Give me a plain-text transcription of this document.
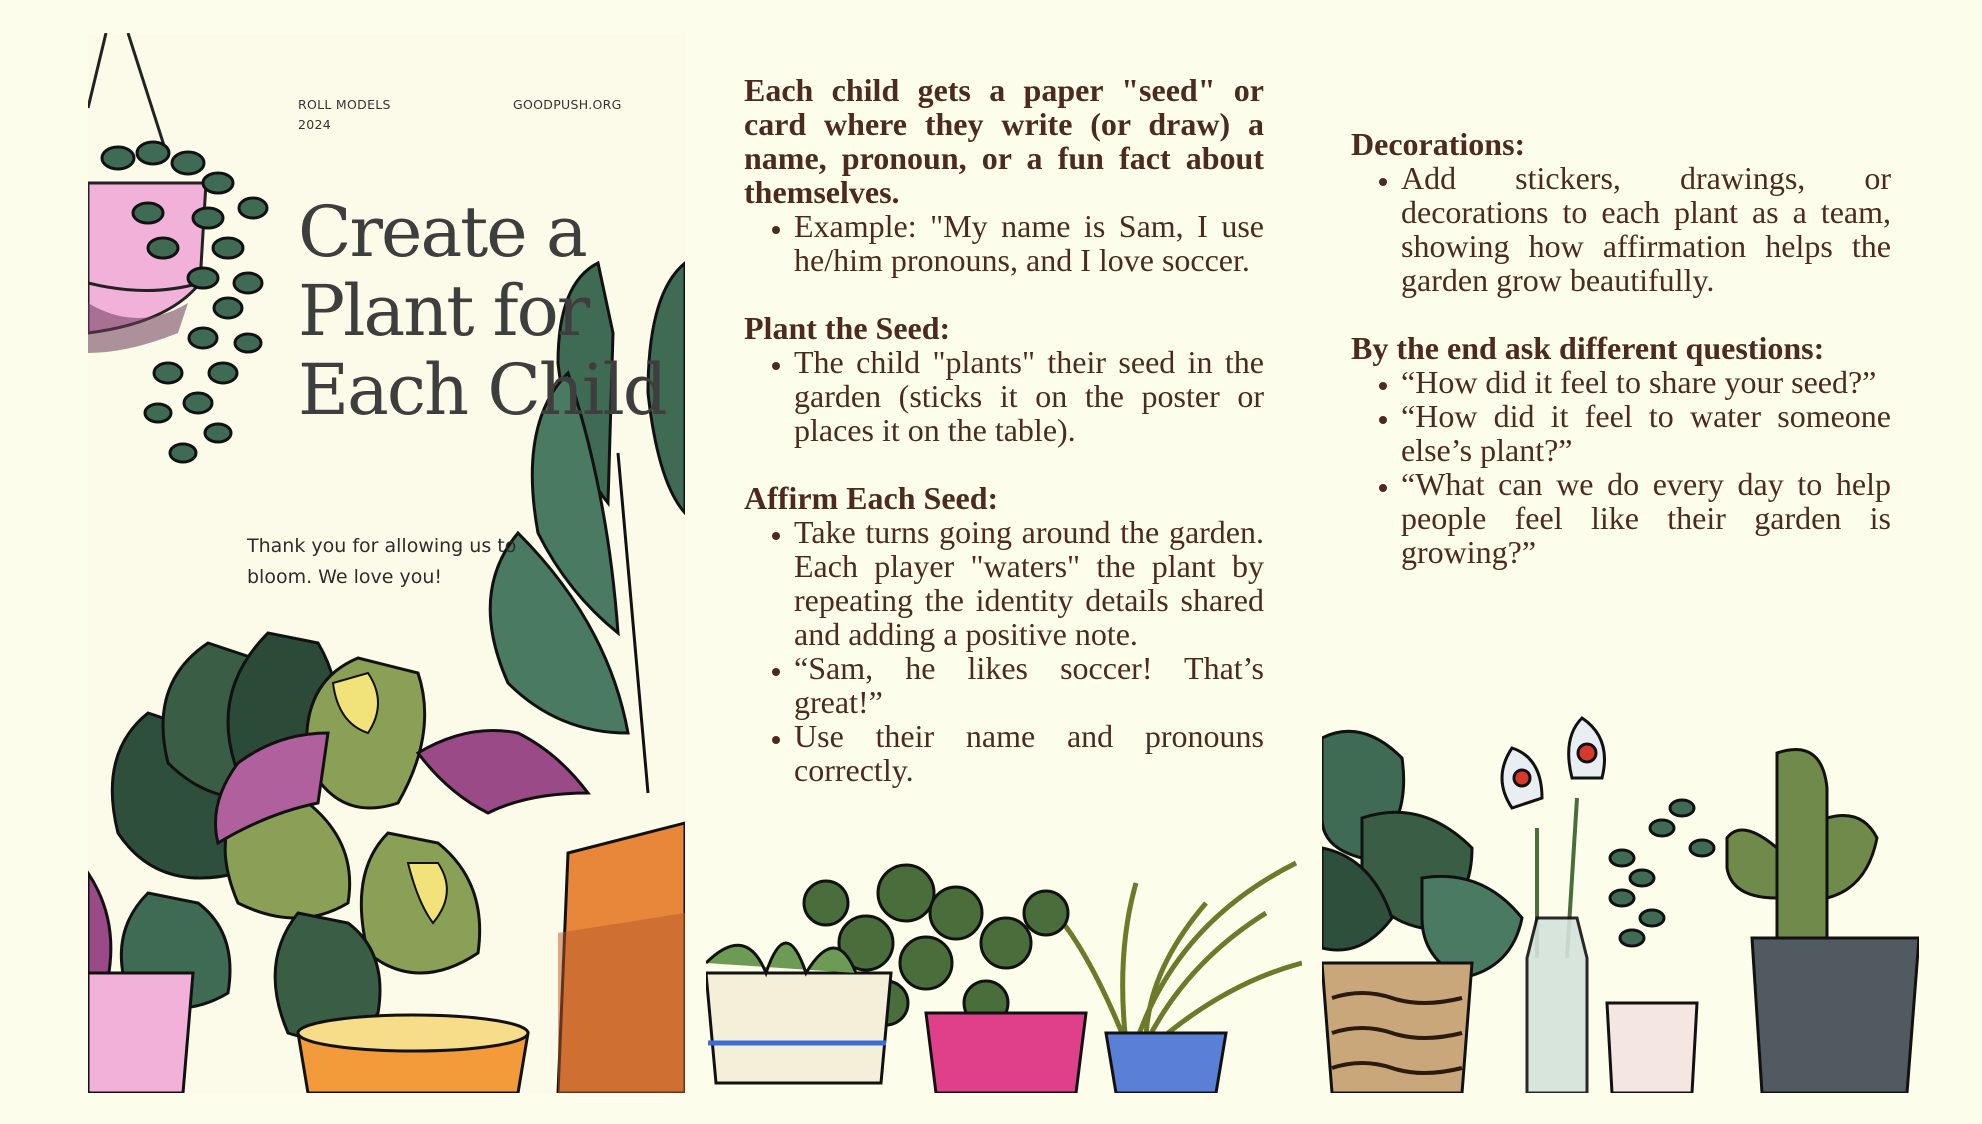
ROLL MODELS
2024
GOODPUSH.ORG
Create a Plant for Each Child

Thank you for allowing us to bloom. We love you!

Each child gets a paper "seed" or card where they write (or draw) a name, pronoun, or a fun fact about themselves.

• Example: "My name is Sam, I use he/him pronouns, and I love soccer.

Plant the Seed:

• The child "plants" their seed in the garden (sticks it on the poster or places it on the table).

Affirm Each Seed:

• Take turns going around the garden. Each player "waters" the plant by repeating the identity details shared and adding a positive note.
• “Sam, he likes soccer! That’s great!”
• Use their name and pronouns correctly.

Decorations:

• Add stickers, drawings, or decorations to each plant as a team, showing how affirmation helps the garden grow beautifully.

By the end ask different questions:

• “How did it feel to share your seed?”
• “How did it feel to water someone else’s plant?”
• “What can we do every day to help people feel like their garden is growing?”
